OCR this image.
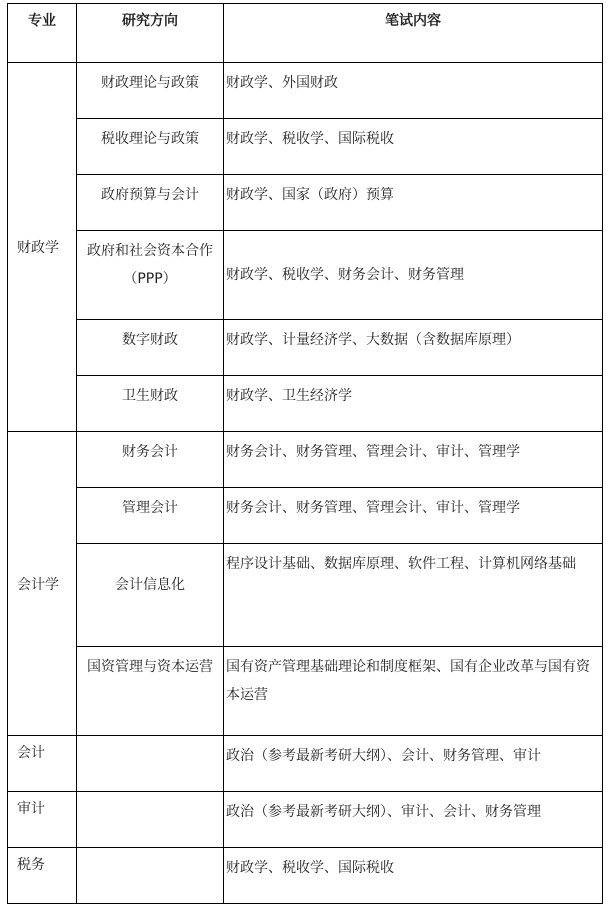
专业	研究方向	笔试内容
财政学	财政理论与政策	财政学、外国财政
	税收理论与政策	财政学、税收学、国际税收
	政府预算与会计	财政学、国家（政府）预算
	政府和社会资本合作（PPP）	财政学、税收学、财务会计、财务管理
	数字财政	财政学、计量经济学、大数据（含数据库原理）
	卫生财政	财政学、卫生经济学
会计学	财务会计	财务会计、财务管理、管理会计、审计、管理学
	管理会计	财务会计、财务管理、管理会计、审计、管理学
	会计信息化	程序设计基础、数据库原理、软件工程、计算机网络基础
	国资管理与资本运营	国有资产管理基础理论和制度框架、国有企业改革与国有资本运营
会计		政治（参考最新考研大纲）、会计、财务管理、审计
审计		政治（参考最新考研大纲）、审计、会计、财务管理
税务		财政学、税收学、国际税收
